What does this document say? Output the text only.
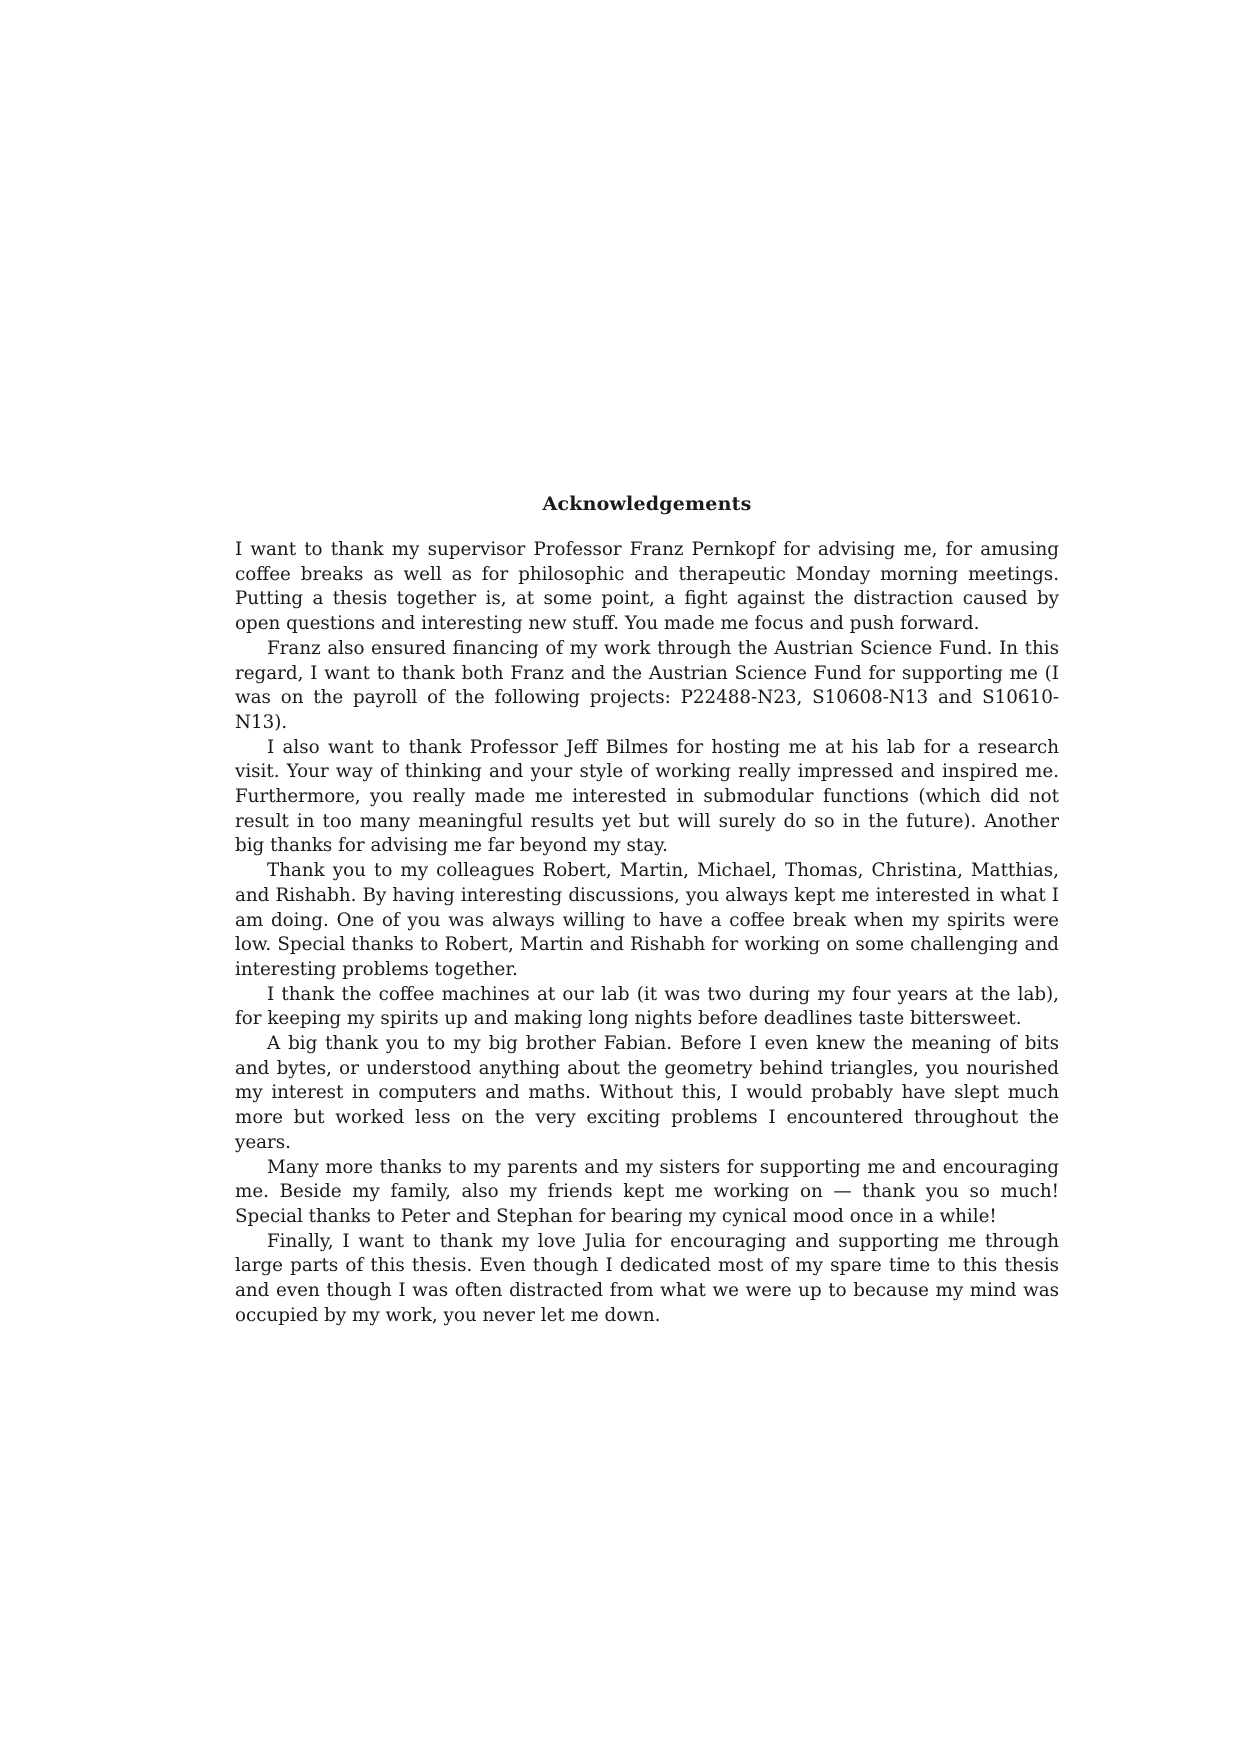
Acknowledgements

I want to thank my supervisor Professor Franz Pernkopf for advising me, for amusing coffee breaks as well as for philosophic and therapeutic Monday morning meetings. Putting a thesis together is, at some point, a fight against the distraction caused by open questions and interesting new stuff. You made me focus and push forward.

Franz also ensured financing of my work through the Austrian Science Fund. In this regard, I want to thank both Franz and the Austrian Science Fund for supporting me (I was on the payroll of the following projects: P22488-N23, S10608-N13 and S10610-N13).

I also want to thank Professor Jeff Bilmes for hosting me at his lab for a research visit. Your way of thinking and your style of working really impressed and inspired me. Furthermore, you really made me interested in submodular functions (which did not result in too many meaningful results yet but will surely do so in the future). Another big thanks for advising me far beyond my stay.

Thank you to my colleagues Robert, Martin, Michael, Thomas, Christina, Matthias, and Rishabh. By having interesting discussions, you always kept me interested in what I am doing. One of you was always willing to have a coffee break when my spirits were low. Special thanks to Robert, Martin and Rishabh for working on some challenging and interesting problems together.

I thank the coffee machines at our lab (it was two during my four years at the lab), for keeping my spirits up and making long nights before deadlines taste bittersweet.

A big thank you to my big brother Fabian. Before I even knew the meaning of bits and bytes, or understood anything about the geometry behind triangles, you nourished my interest in computers and maths. Without this, I would probably have slept much more but worked less on the very exciting problems I encountered throughout the years.

Many more thanks to my parents and my sisters for supporting me and encouraging me. Beside my family, also my friends kept me working on — thank you so much! Special thanks to Peter and Stephan for bearing my cynical mood once in a while!

Finally, I want to thank my love Julia for encouraging and supporting me through large parts of this thesis. Even though I dedicated most of my spare time to this thesis and even though I was often distracted from what we were up to because my mind was occupied by my work, you never let me down.
